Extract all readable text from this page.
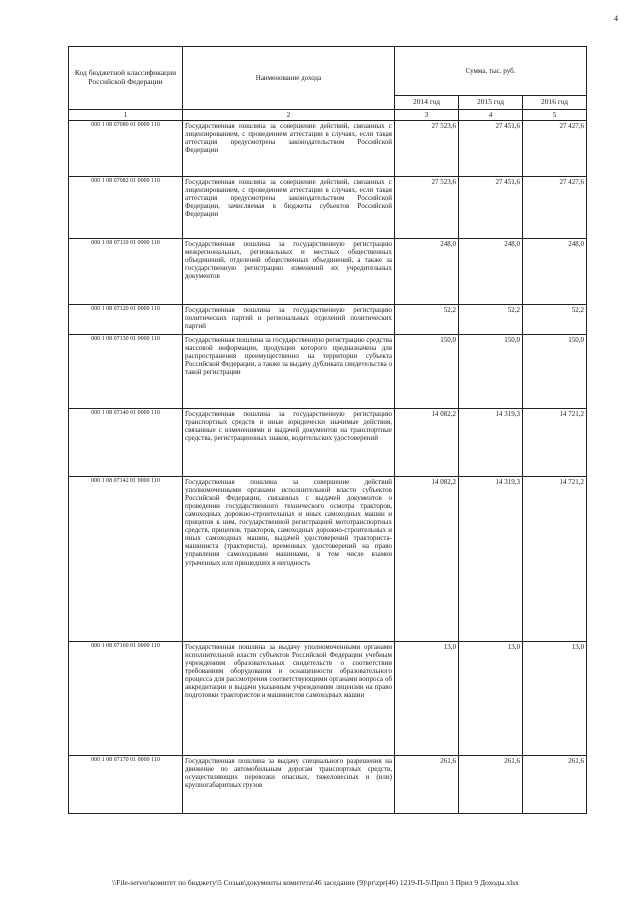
4
Код бюджетной классификации Российской Федерации	Наименование дохода	Сумма, тыс. руб.		
		2014 год	2015 год	2016 год
1	2	3	4	5
000 1 08 07080 01 0000 110	Государственная пошлина за совершение действий, связанных с лицензированием, с проведением аттестации в случаях, если такая аттестация предусмотрена законодательством Российской Федерации	27 523,6	27 451,6	27 427,6
000 1 08 07082 01 0000 110	Государственная пошлина за совершение действий, связанных с лицензированием, с проведением аттестации в случаях, если такая аттестация предусмотрена законодательством Российской Федерации, зачисляемая в бюджеты субъектов Российской Федерации	27 523,6	27 451,6	27 427,6
000 1 08 07110 01 0000 110	Государственная пошлина за государственную регистрацию межрегиональных, региональных и местных общественных объединений, отделений общественных объединений, а также за государственную регистрацию изменений их учредительных документов	248,0	248,0	248,0
000 1 08 07120 01 0000 110	Государственная пошлина за государственную регистрацию политических партий и региональных отделений политических партий	52,2	52,2	52,2
000 1 08 07130 01 0000 110	Государственная пошлина за государственную регистрацию средства массовой информации, продукция которого предназначена для распространения преимущественно на территории субъекта Российской Федерации, а также за выдачу дубликата свидетельства о такой регистрации	150,0	150,0	150,0
000 1 08 07140 01 0000 110	Государственная пошлина за государственную регистрацию транспортных средств и иные юридически значимые действия, связанные с изменениями и выдачей документов на транспортные средства, регистрационных знаков, водительских удостоверений	14 082,2	14 319,3	14 721,2
000 1 08 07142 01 0000 110	Государственная пошлина за совершение действий уполномоченными органами исполнительной власти субъектов Российской Федерации, связанных с выдачей документов о проведении государственного технического осмотра тракторов, самоходных дорожно-строительных и иных самоходных машин и прицепов к ним, государственной регистрацией мототранспортных средств, прицепов, тракторов, самоходных дорожно-строительных и иных самоходных машин, выдачей удостоверений тракториста-машиниста (тракториста), временных удостоверений на право управления самоходными машинами, в том числе взамен утраченных или пришедших в негодность	14 082,2	14 319,3	14 721,2
000 1 08 07160 01 0000 110	Государственная пошлина за выдачу уполномоченными органами исполнительной власти субъектов Российской Федерации учебным учреждениям образовательных свидетельств о соответствии требованиям оборудования и оснащенности образовательного процесса для рассмотрения соответствующими органами вопроса об аккредитации и выдачи указанным учреждениям лицензии на право подготовки трактористов и машинистов самоходных машин	13,0	13,0	13,0
000 1 08 07170 01 0000 110	Государственная пошлина за выдачу специального разрешения на движение по автомобильным дорогам транспортных средств, осуществляющих перевозки опасных, тяжеловесных и (или) крупногабаритных грузов	261,6	261,6	261,6
\\File-server\комитет по бюджету\5 Созыв\документы комитета\46 заседание (9)\pr\zpr(46) 1219-П-5\Прил 3 Прил 9 Доходы.xlsx
